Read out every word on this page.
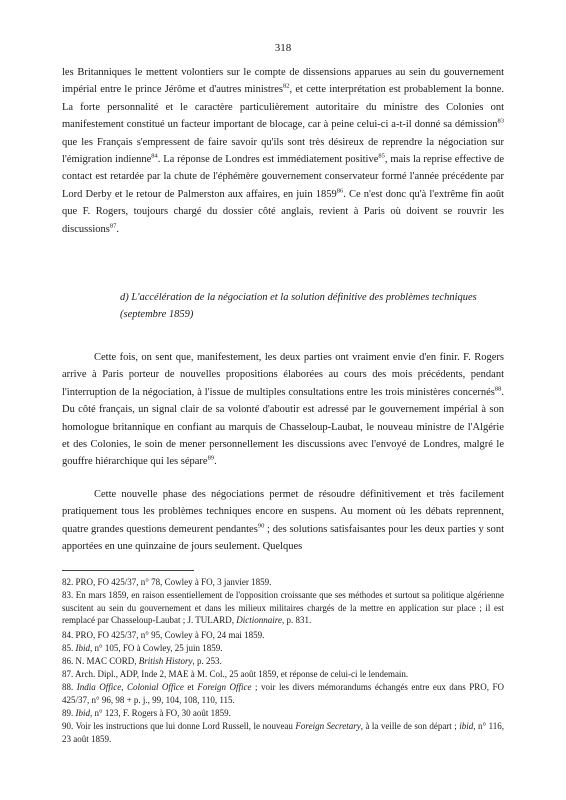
318

les Britanniques le mettent volontiers sur le compte de dissensions apparues au sein du gouvernement impérial entre le prince Jérôme et d'autres ministres$^{82}$, et cette interprétation est probablement la bonne. La forte personnalité et le caractère particulièrement autoritaire du ministre des Colonies ont manifestement constitué un facteur important de blocage, car à peine celui-ci a-t-il donné sa démission$^{83}$ que les Français s'empressent de faire savoir qu'ils sont très désireux de reprendre la négociation sur l'émigration indienne$^{84}$. La réponse de Londres est immédiatement positive$^{85}$, mais la reprise effective de contact est retardée par la chute de l'éphémère gouvernement conservateur formé l'année précédente par Lord Derby et le retour de Palmerston aux affaires, en juin 1859$^{86}$. Ce n'est donc qu'à l'extrême fin août que F. Rogers, toujours chargé du dossier côté anglais, revient à Paris où doivent se rouvrir les discussions$^{87}$.

d) L'accélération de la négociation et la solution définitive des problèmes techniques (septembre 1859)

Cette fois, on sent que, manifestement, les deux parties ont vraiment envie d'en finir. F. Rogers arrive à Paris porteur de nouvelles propositions élaborées au cours des mois précédents, pendant l'interruption de la négociation, à l'issue de multiples consultations entre les trois ministères concernés$^{88}$. Du côté français, un signal clair de sa volonté d'aboutir est adressé par le gouvernement impérial à son homologue britannique en confiant au marquis de Chasseloup-Laubat, le nouveau ministre de l'Algérie et des Colonies, le soin de mener personnellement les discussions avec l'envoyé de Londres, malgré le gouffre hiérarchique qui les sépare$^{89}$.

Cette nouvelle phase des négociations permet de résoudre définitivement et très facilement pratiquement tous les problèmes techniques encore en suspens. Au moment où les débats reprennent, quatre grandes questions demeurent pendantes$^{90}$ ; des solutions satisfaisantes pour les deux parties y sont apportées en une quinzaine de jours seulement. Quelques

82. PRO, FO 425/37, n° 78, Cowley à FO, 3 janvier 1859.

83. En mars 1859, en raison essentiellement de l'opposition croissante que ses méthodes et surtout sa politique algérienne suscitent au sein du gouvernement et dans les milieux militaires chargés de la mettre en application sur place ; il est remplacé par Chasseloup-Laubat ; J. TULARD, Dictionnaire, p. 831.

84. PRO, FO 425/37, n° 95, Cowley à FO, 24 mai 1859.

85. Ibid, n° 105, FO à Cowley, 25 juin 1859.

86. N. MAC CORD, British History, p. 253.

87. Arch. Dipl., ADP, Inde 2, MAE à M. Col., 25 août 1859, et réponse de celui-ci le lendemain.

88. India Office, Colonial Office et Foreign Office ; voir les divers mémorandums échangés entre eux dans PRO, FO 425/37, n° 96, 98 + p. j., 99, 104, 108, 110, 115.

89. Ibid, n° 123, F. Rogers à FO, 30 août 1859.

90. Voir les instructions que lui donne Lord Russell, le nouveau Foreign Secretary, à la veille de son départ ; ibid, n° 116, 23 août 1859.
